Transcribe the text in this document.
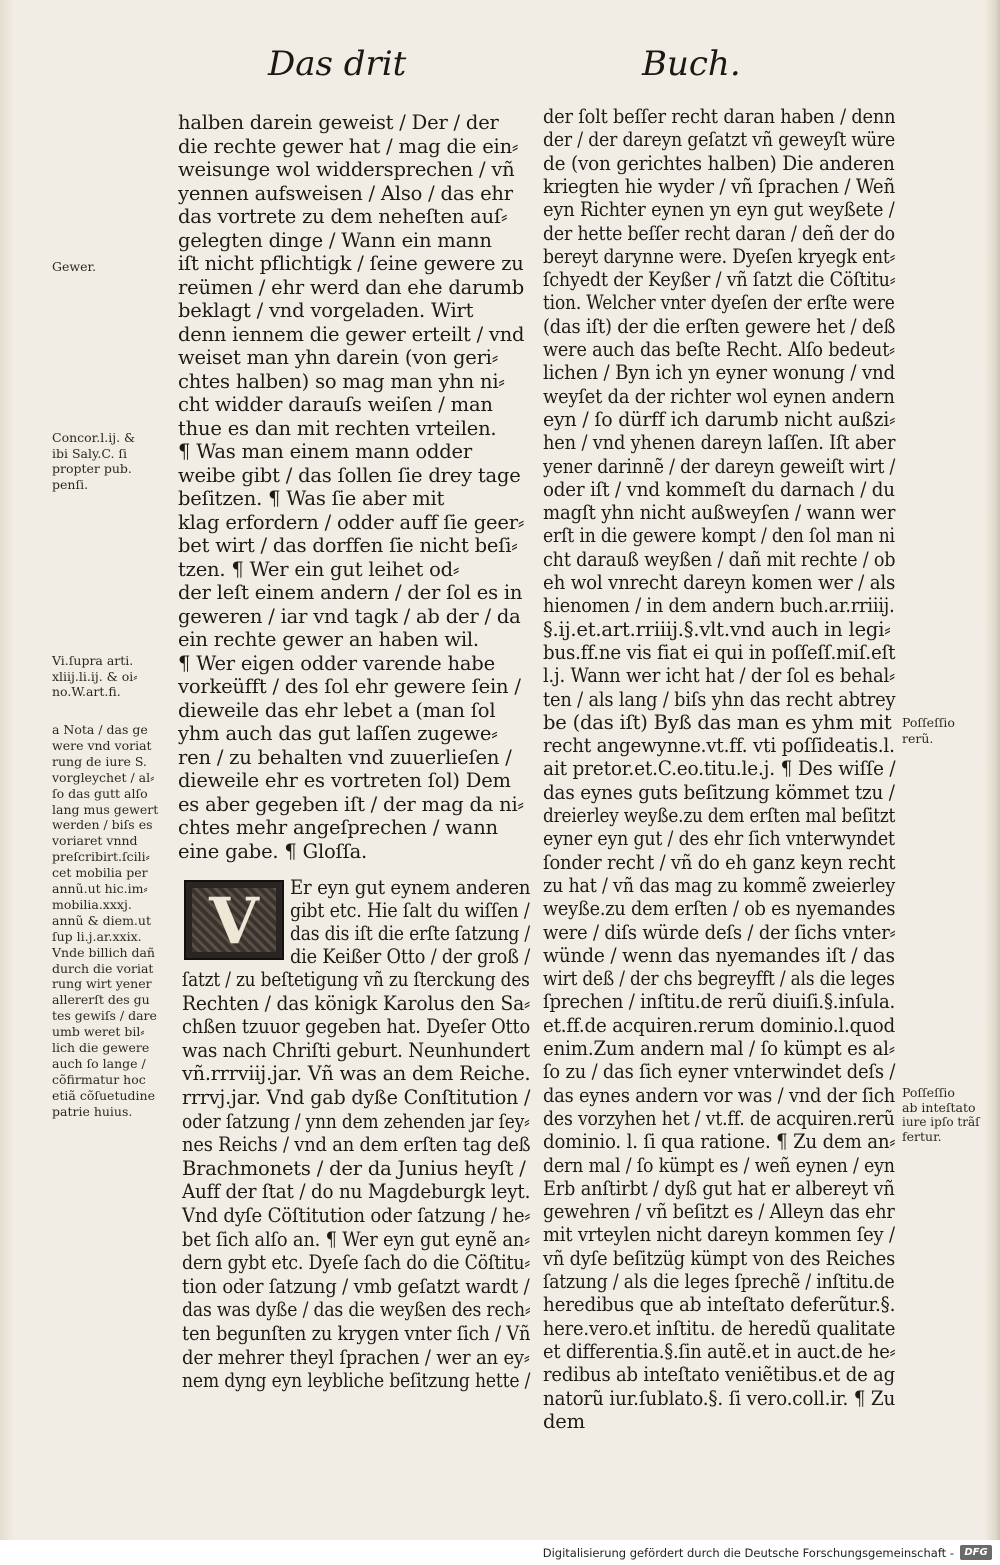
Das drit	Buch.
halben darein geweist / Der / der
die rechte gewer hat / mag die ein⸗
weisunge wol widdersprechen / vñ
yennen aufsweisen / Also / das ehr
das vortrete zu dem neheſten auſ⸗
gelegten dinge / Wann ein mann
iſt nicht pflichtigk / ſeine gewere zu
reümen / ehr werd dan ehe darumb
beklagt / vnd vorgeladen. Wirt
denn iennem die gewer erteilt / vnd
weiset man yhn darein (von geri⸗
chtes halben) so mag man yhn ni⸗
cht widder darauſs weiſen / man
thue es dan mit rechten vrteilen.
¶ Was man einem mann odder
weibe gibt / das ſollen ſie drey tage
beſitzen. ¶ Was ſie aber mit
klag erfordern / odder auff ſie geer⸗
bet wirt / das dorffen ſie nicht beſi⸗
tzen. ¶ Wer ein gut leihet od⸗
der leſt einem andern / der ſol es in
geweren / iar vnd tagk / ab der / da
ein rechte gewer an haben wil.
¶ Wer eigen odder varende habe
vorkeüfft / des ſol ehr gewere ſein /
dieweile das ehr lebet a (man ſol
yhm auch das gut laſſen zugewe⸗
ren / zu behalten vnd zuuerlieſen /
dieweile ehr es vortreten ſol) Dem
es aber gegeben iſt / der mag da ni⸗
chtes mehr angeſprechen / wann
eine gabe. ¶ Gloſſa.
V	Er eyn gut eynem anderen
gibt etc. Hie ſalt du wiſſen /
das dis iſt die erſte ſatzung /
die Keißer Otto / der groß /
ſatzt / zu beſtetigung vñ zu ſterckung des
Rechten / das königk Karolus den Sa⸗
chßen tzuuor gegeben hat. Dyeſer Otto
was nach Chriſti geburt. Neunhundert
vñ.rrrviij.jar. Vñ was an dem Reiche.
rrrvj.jar. Vnd gab dyße Conſtitution /
oder ſatzung / ynn dem zehenden jar ſey⸗
nes Reichs / vnd an dem erſten tag deß
Brachmonets / der da Junius heyſt /
Auff der ſtat / do nu Magdeburgk leyt.
Vnd dyſe Cöſtitution oder ſatzung / he⸗
bet ſich alſo an. ¶ Wer eyn gut eynẽ an⸗
dern gybt etc. Dyeſe ſach do die Cöſtitu⸗
tion oder ſatzung / vmb geſatzt wardt /
das was dyße / das die weyßen des rech⸗
ten begunſten zu krygen vnter ſich / Vñ
der mehrer theyl ſprachen / wer an ey⸗
nem dyng eyn leybliche beſitzung hette /
der ſolt beſſer recht daran haben / denn
der / der dareyn geſatzt vñ geweyſt würe
de (von gerichtes halben) Die anderen
kriegten hie wyder / vñ ſprachen / Weñ
eyn Richter eynen yn eyn gut weyßete /
der hette beſſer recht daran / deñ der do
bereyt darynne were. Dyeſen kryegk ent⸗
ſchyedt der Keyßer / vñ ſatzt die Cöſtitu⸗
tion. Welcher vnter dyeſen der erſte were
(das iſt) der die erſten gewere het / deß
were auch das beſte Recht. Alſo bedeut⸗
lichen / Byn ich yn eyner wonung / vnd
weyſet da der richter wol eynen andern
eyn / ſo dürff ich darumb nicht außzi⸗
hen / vnd yhenen dareyn laſſen. Iſt aber
yener darinnẽ / der dareyn geweiſt wirt /
oder iſt / vnd kommeſt du darnach / du
magſt yhn nicht außweyſen / wann wer
erſt in die gewere kompt / den ſol man ni
cht darauß weyßen / dañ mit rechte / ob
eh wol vnrecht dareyn komen wer / als
hienomen / in dem andern buch.ar.rriiij.
§.ij.et.art.rriiij.§.vlt.vnd auch in legi⸗
bus.ff.ne vis fiat ei qui in poſſeſſ.miſ.eſt
l.j. Wann wer icht hat / der ſol es behal⸗
ten / als lang / biſs yhn das recht abtrey
be (das iſt) Byß das man es yhm mit
recht angewynne.vt.ff. vti poſſideatis.l.
ait pretor.et.C.eo.titu.le.j. ¶ Des wiſſe /
das eynes guts beſitzung kömmet tzu /
dreierley weyße.zu dem erſten mal beſitzt
eyner eyn gut / des ehr ſich vnterwyndet
ſonder recht / vñ do eh ganz keyn recht
zu hat / vñ das mag zu kommẽ zweierley
weyße.zu dem erſten / ob es nyemandes
were / diſs würde deſs / der ſichs vnter⸗
wünde / wenn das nyemandes iſt / das
wirt deß / der chs begreyfft / als die leges
ſprechen / inſtitu.de rerũ diuiſi.§.inſula.
et.ff.de acquiren.rerum dominio.l.quod
enim.Zum andern mal / ſo kümpt es al⸗
ſo zu / das ſich eyner vnterwindet deſs /
das eynes andern vor was / vnd der ſich
des vorzyhen het / vt.ff. de acquiren.rerũ
dominio. l. ſi qua ratione. ¶ Zu dem an⸗
dern mal / ſo kümpt es / weñ eynen / eyn
Erb anſtirbt / dyß gut hat er albereyt vñ
gewehren / vñ beſitzt es / Alleyn das ehr
mit vrteylen nicht dareyn kommen ſey /
vñ dyſe beſitzüg kümpt von des Reiches
ſatzung / als die leges ſprechẽ / inſtitu.de
heredibus que ab inteſtato deferũtur.§.
here.vero.et inſtitu. de heredũ qualitate
et differentia.§.ſin autẽ.et in auct.de he⸗
redibus ab inteſtato veniẽtibus.et de ag
natorũ iur.ſublato.§. ſi vero.coll.ir. ¶ Zu
dem
Gewer.
Concor.l.ij. &
ibi Saly.C. ſi
propter pub.
penſi.
Vi.ſupra arti.
xliij.li.ij. & oi⸗
no.W.art.fi.
a Nota / das ge
were vnd voriat
rung de iure S.
vorgleychet / al⸗
ſo das gutt alſo
lang mus gewert
werden / biſs es
voriaret vnnd
preſcribirt.ſcili⸗
cet mobilia per
annũ.ut hic.im⸗
mobilia.xxxj.
annũ & diem.ut
ſup li.j.ar.xxix.
Vnde billich dañ
durch die voriat
rung wirt yener
allererſt des gu
tes gewiſs / dare
umb weret bil⸗
lich die gewere
auch ſo lange /
cõfirmatur hoc
etiã cõſuetudine
patrie huius.
Poſſeſſio
rerũ.
Poſſeſſio
ab inteſtato
iure ipſo trãſ
fertur.
Digitalisierung gefördert durch die Deutsche Forschungsgemeinschaft -	DFG
